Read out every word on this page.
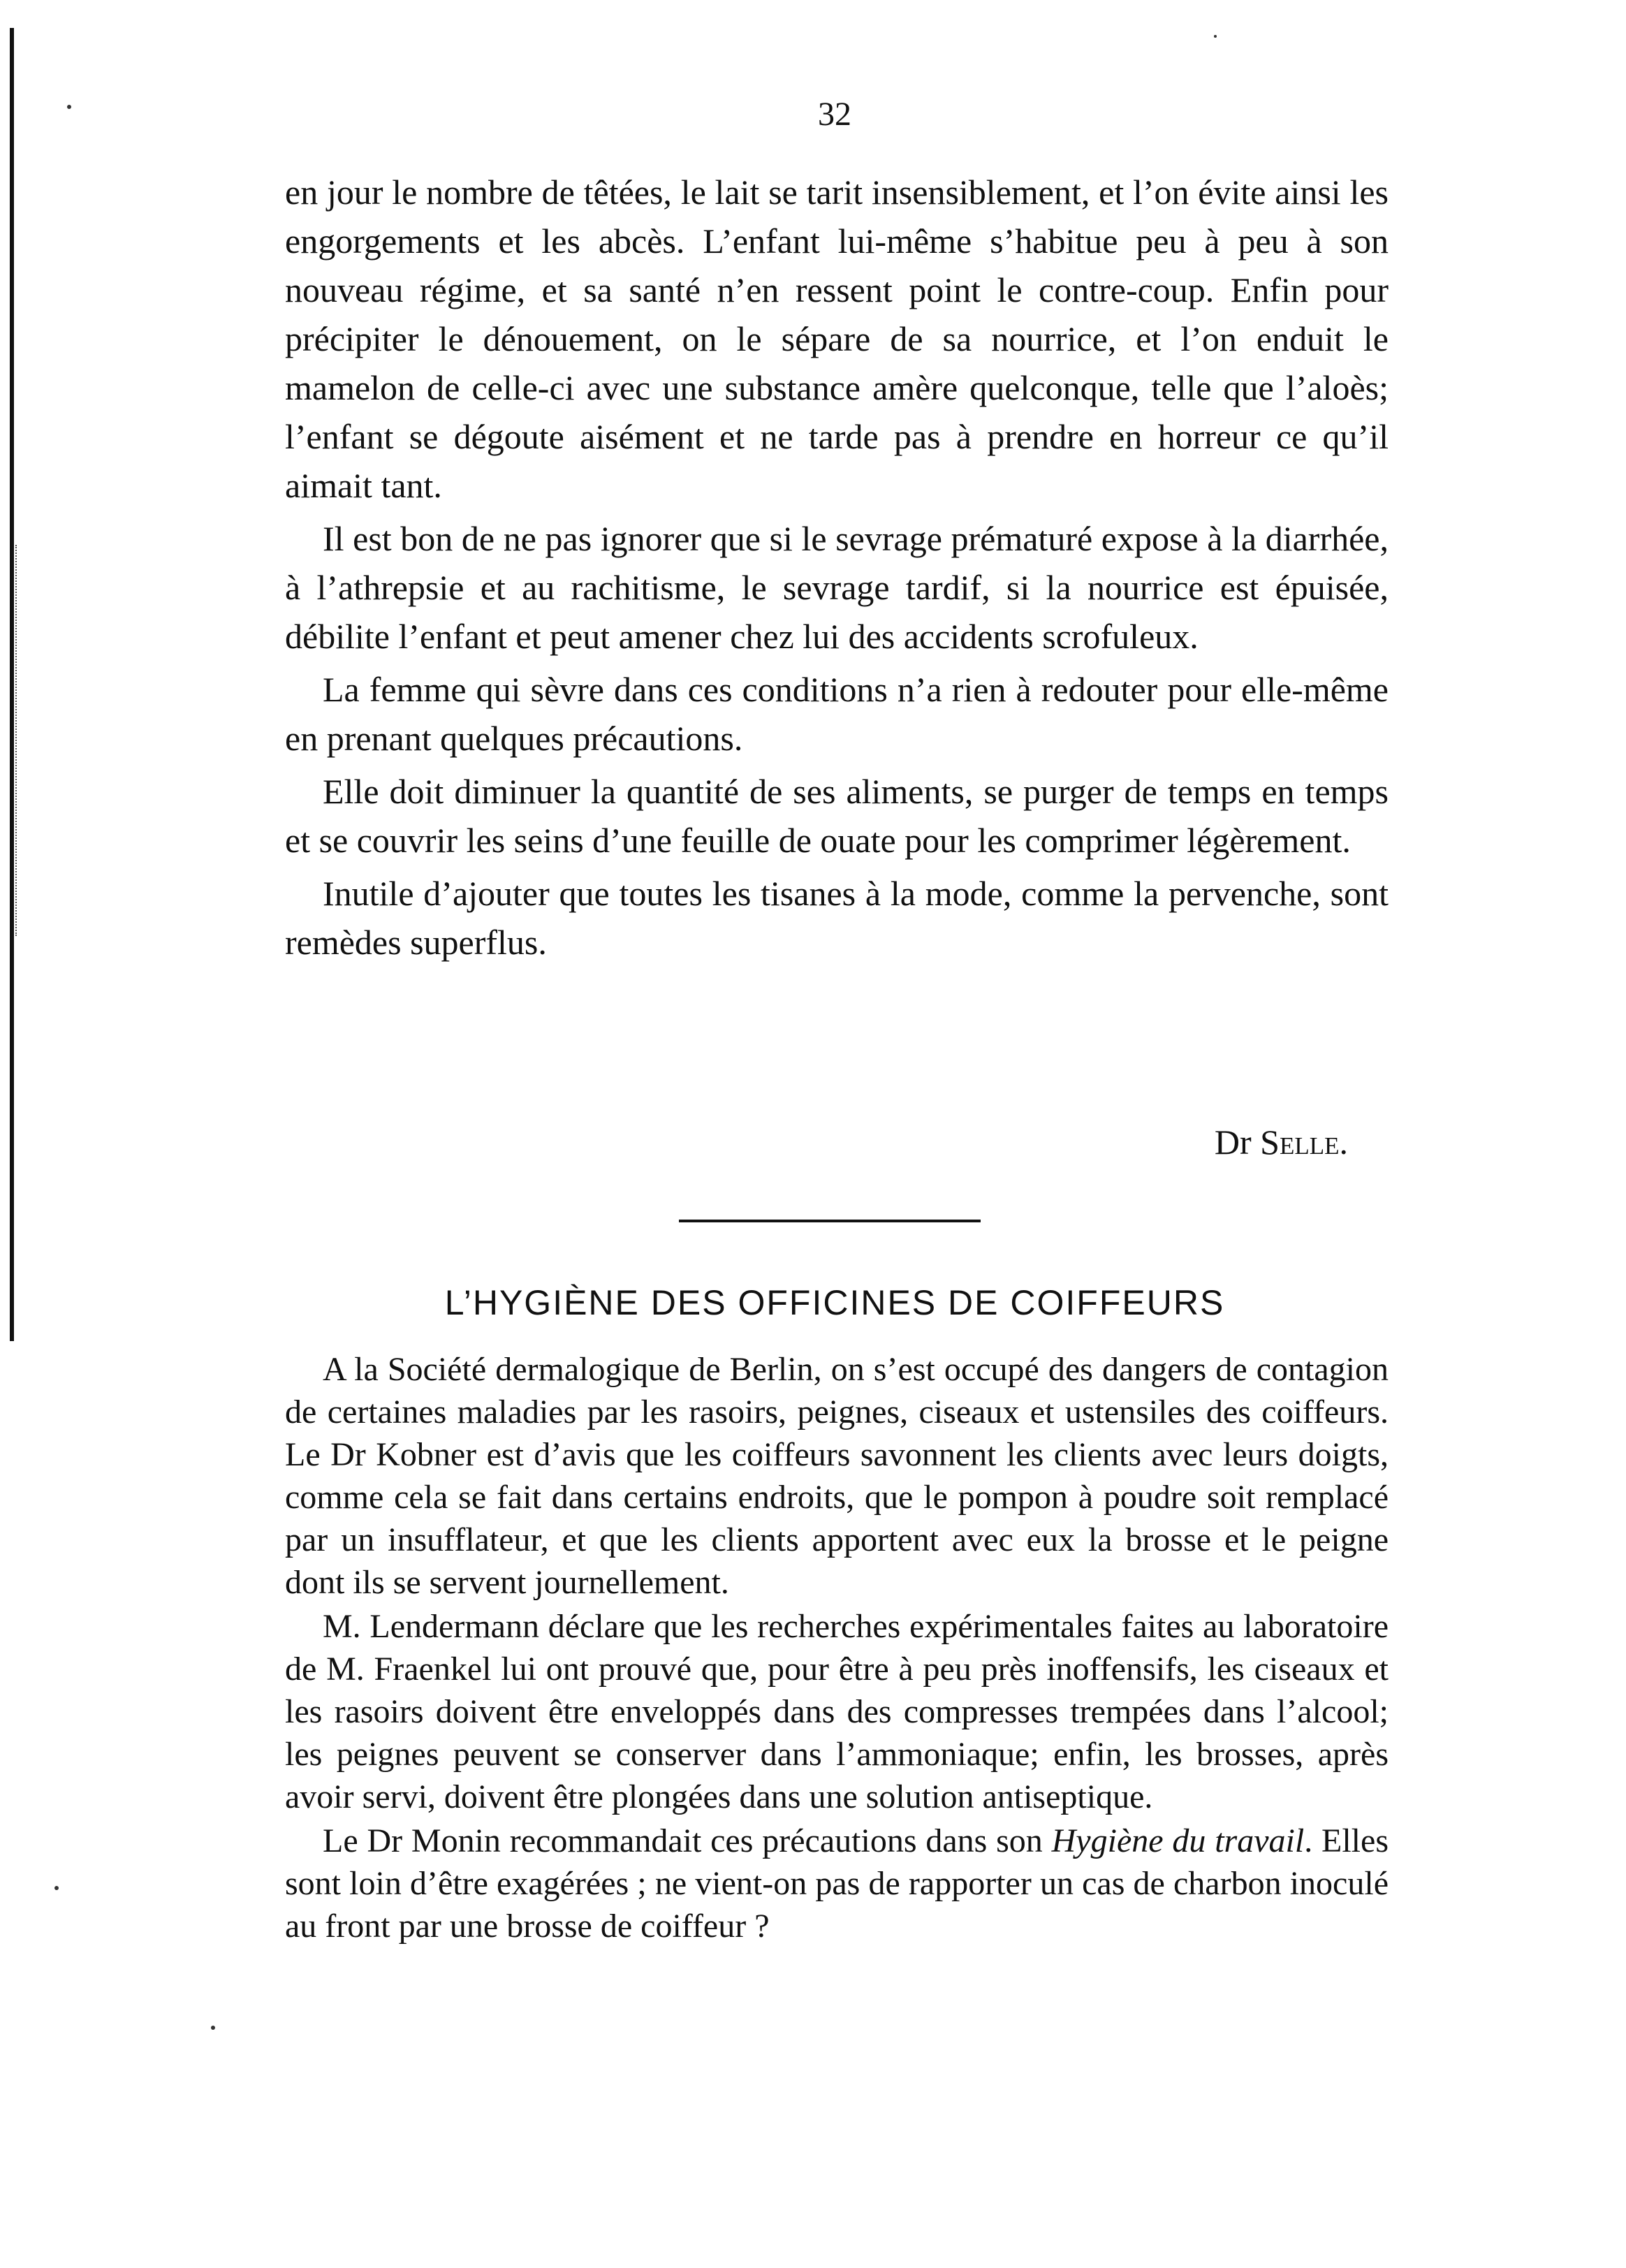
32

en jour le nombre de têtées, le lait se tarit insensiblement, et l’on évite ainsi les engorgements et les abcès. L’enfant lui-même s’habitue peu à peu à son nouveau régime, et sa santé n’en ressent point le contre-coup. Enfin pour précipiter le dénouement, on le sépare de sa nourrice, et l’on enduit le mamelon de celle-ci avec une substance amère quelconque, telle que l’aloès; l’enfant se dégoute aisément et ne tarde pas à prendre en horreur ce qu’il aimait tant.

Il est bon de ne pas ignorer que si le sevrage prématuré expose à la diarrhée, à l’athrepsie et au rachitisme, le sevrage tardif, si la nourrice est épuisée, débilite l’enfant et peut amener chez lui des accidents scrofuleux.

La femme qui sèvre dans ces conditions n’a rien à redouter pour elle-même en prenant quelques précautions.

Elle doit diminuer la quantité de ses aliments, se purger de temps en temps et se couvrir les seins d’une feuille de ouate pour les comprimer légèrement.

Inutile d’ajouter que toutes les tisanes à la mode, comme la pervenche, sont remèdes superflus.

Dr Selle.
L’HYGIÈNE DES OFFICINES DE COIFFEURS

A la Société dermalogique de Berlin, on s’est occupé des dangers de contagion de certaines maladies par les rasoirs, peignes, ciseaux et ustensiles des coiffeurs. Le Dr Kobner est d’avis que les coiffeurs savonnent les clients avec leurs doigts, comme cela se fait dans certains endroits, que le pompon à poudre soit remplacé par un insufflateur, et que les clients apportent avec eux la brosse et le peigne dont ils se servent journellement.

M. Lendermann déclare que les recherches expérimentales faites au laboratoire de M. Fraenkel lui ont prouvé que, pour être à peu près inoffensifs, les ciseaux et les rasoirs doivent être enveloppés dans des compresses trempées dans l’alcool; les peignes peuvent se conserver dans l’ammoniaque; enfin, les brosses, après avoir servi, doivent être plongées dans une solution antiseptique.

Le Dr Monin recommandait ces précautions dans son Hygiène du travail. Elles sont loin d’être exagérées ; ne vient-on pas de rapporter un cas de charbon inoculé au front par une brosse de coiffeur ?
